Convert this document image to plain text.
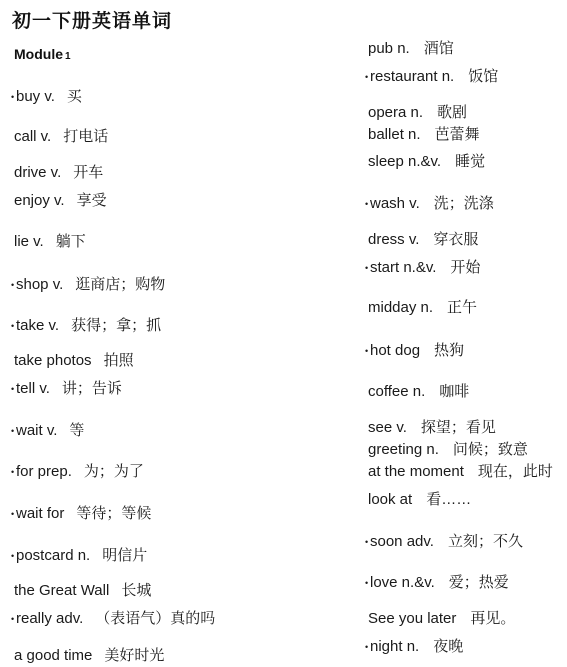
初一下册英语单词
Module 1
• buy v. 买
call v. 打电话
drive v. 开车
enjoy v. 享受
lie v. 躺下
• shop v. 逛商店；购物
• take v. 获得；拿；抓
take photos 拍照
• tell v. 讲；告诉
• wait v. 等
• for prep. 为；为了
• wait for 等待；等候
• postcard n. 明信片
the Great Wall 长城
• really adv. （表语气）真的吗
a good time 美好时光
pub n. 酒馆
• restaurant n. 饭馆
opera n. 歌剧
ballet n. 芭蕾舞
sleep n.&v. 睡觉
• wash v. 洗；洗涤
dress v. 穿衣服
• start n.&v. 开始
midday n. 正午
• hot dog 热狗
coffee n. 咖啡
see v. 探望；看见
greeting n. 问候；致意
at the moment 现在，此时
look at 看……
• soon adv. 立刻；不久
• love n.&v. 爱；热爱
See you later 再见。
• night n. 夜晚
